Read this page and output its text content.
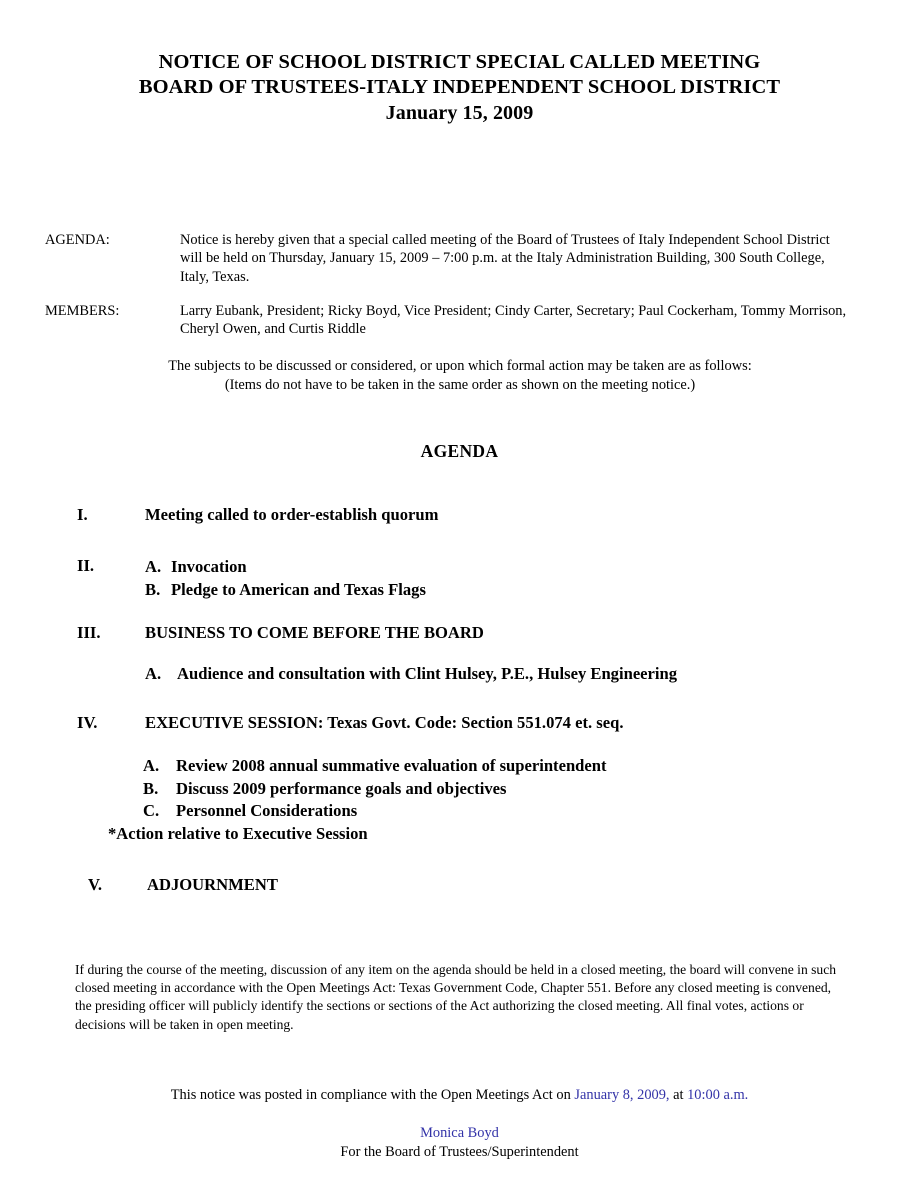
NOTICE OF SCHOOL DISTRICT SPECIAL CALLED MEETING
BOARD OF TRUSTEES-ITALY INDEPENDENT SCHOOL DISTRICT
January 15, 2009
AGENDA:	Notice is hereby given that a special called meeting of the Board of Trustees of Italy Independent School District will be held on Thursday, January 15, 2009 – 7:00 p.m. at the Italy Administration Building, 300 South College, Italy, Texas.
MEMBERS:	Larry Eubank, President; Ricky Boyd, Vice President; Cindy Carter, Secretary; Paul Cockerham, Tommy Morrison, Cheryl Owen, and Curtis Riddle
The subjects to be discussed or considered, or upon which formal action may be taken are as follows:
(Items do not have to be taken in the same order as shown on the meeting notice.)
AGENDA
I.	Meeting called to order-establish quorum
II.	A. Invocation
B. Pledge to American and Texas Flags
III.	BUSINESS TO COME BEFORE THE BOARD
A. Audience and consultation with Clint Hulsey, P.E., Hulsey Engineering
IV.	EXECUTIVE SESSION: Texas Govt. Code: Section 551.074 et. seq.
A.	Review 2008 annual summative evaluation of superintendent
B.	Discuss 2009 performance goals and objectives
C.	Personnel Considerations
*Action relative to Executive Session
V.	ADJOURNMENT
If during the course of the meeting, discussion of any item on the agenda should be held in a closed meeting, the board will convene in such closed meeting in accordance with the Open Meetings Act: Texas Government Code, Chapter 551. Before any closed meeting is convened, the presiding officer will publicly identify the sections or sections of the Act authorizing the closed meeting. All final votes, actions or decisions will be taken in open meeting.
This notice was posted in compliance with the Open Meetings Act on January 8, 2009, at 10:00 a.m.
Monica Boyd
For the Board of Trustees/Superintendent
